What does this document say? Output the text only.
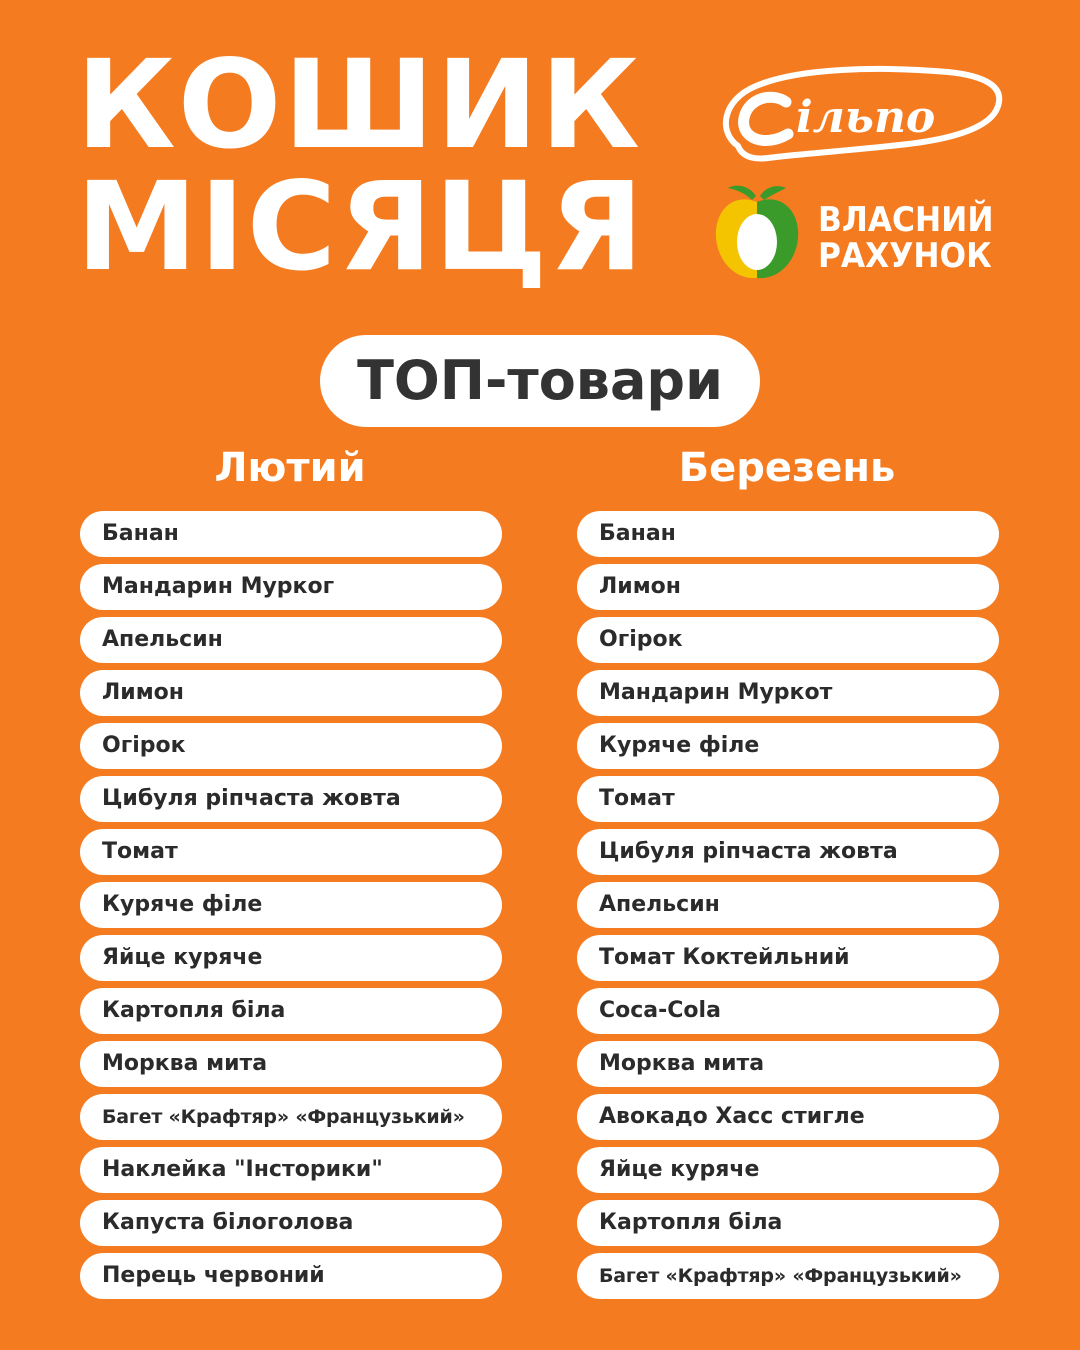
КОШИК
МІСЯЦЯ
ільпо
ВЛАСНИЙ
РАХУНОК
ТОП-товари
Лютий	Березень
Банан
Мандарин Мурког
Апельсин
Лимон
Огірок
Цибуля ріпчаста жовта
Томат
Куряче філе
Яйце куряче
Картопля біла
Морква мита
Багет «Крафтяр» «Французький»
Наклейка "Інсторики"
Капуста білоголова
Перець червоний
Банан
Лимон
Огірок
Мандарин Муркот
Куряче філе
Томат
Цибуля ріпчаста жовта
Апельсин
Томат Коктейльний
Coca-Cola
Морква мита
Авокадо Хасс стигле
Яйце куряче
Картопля біла
Багет «Крафтяр» «Французький»
